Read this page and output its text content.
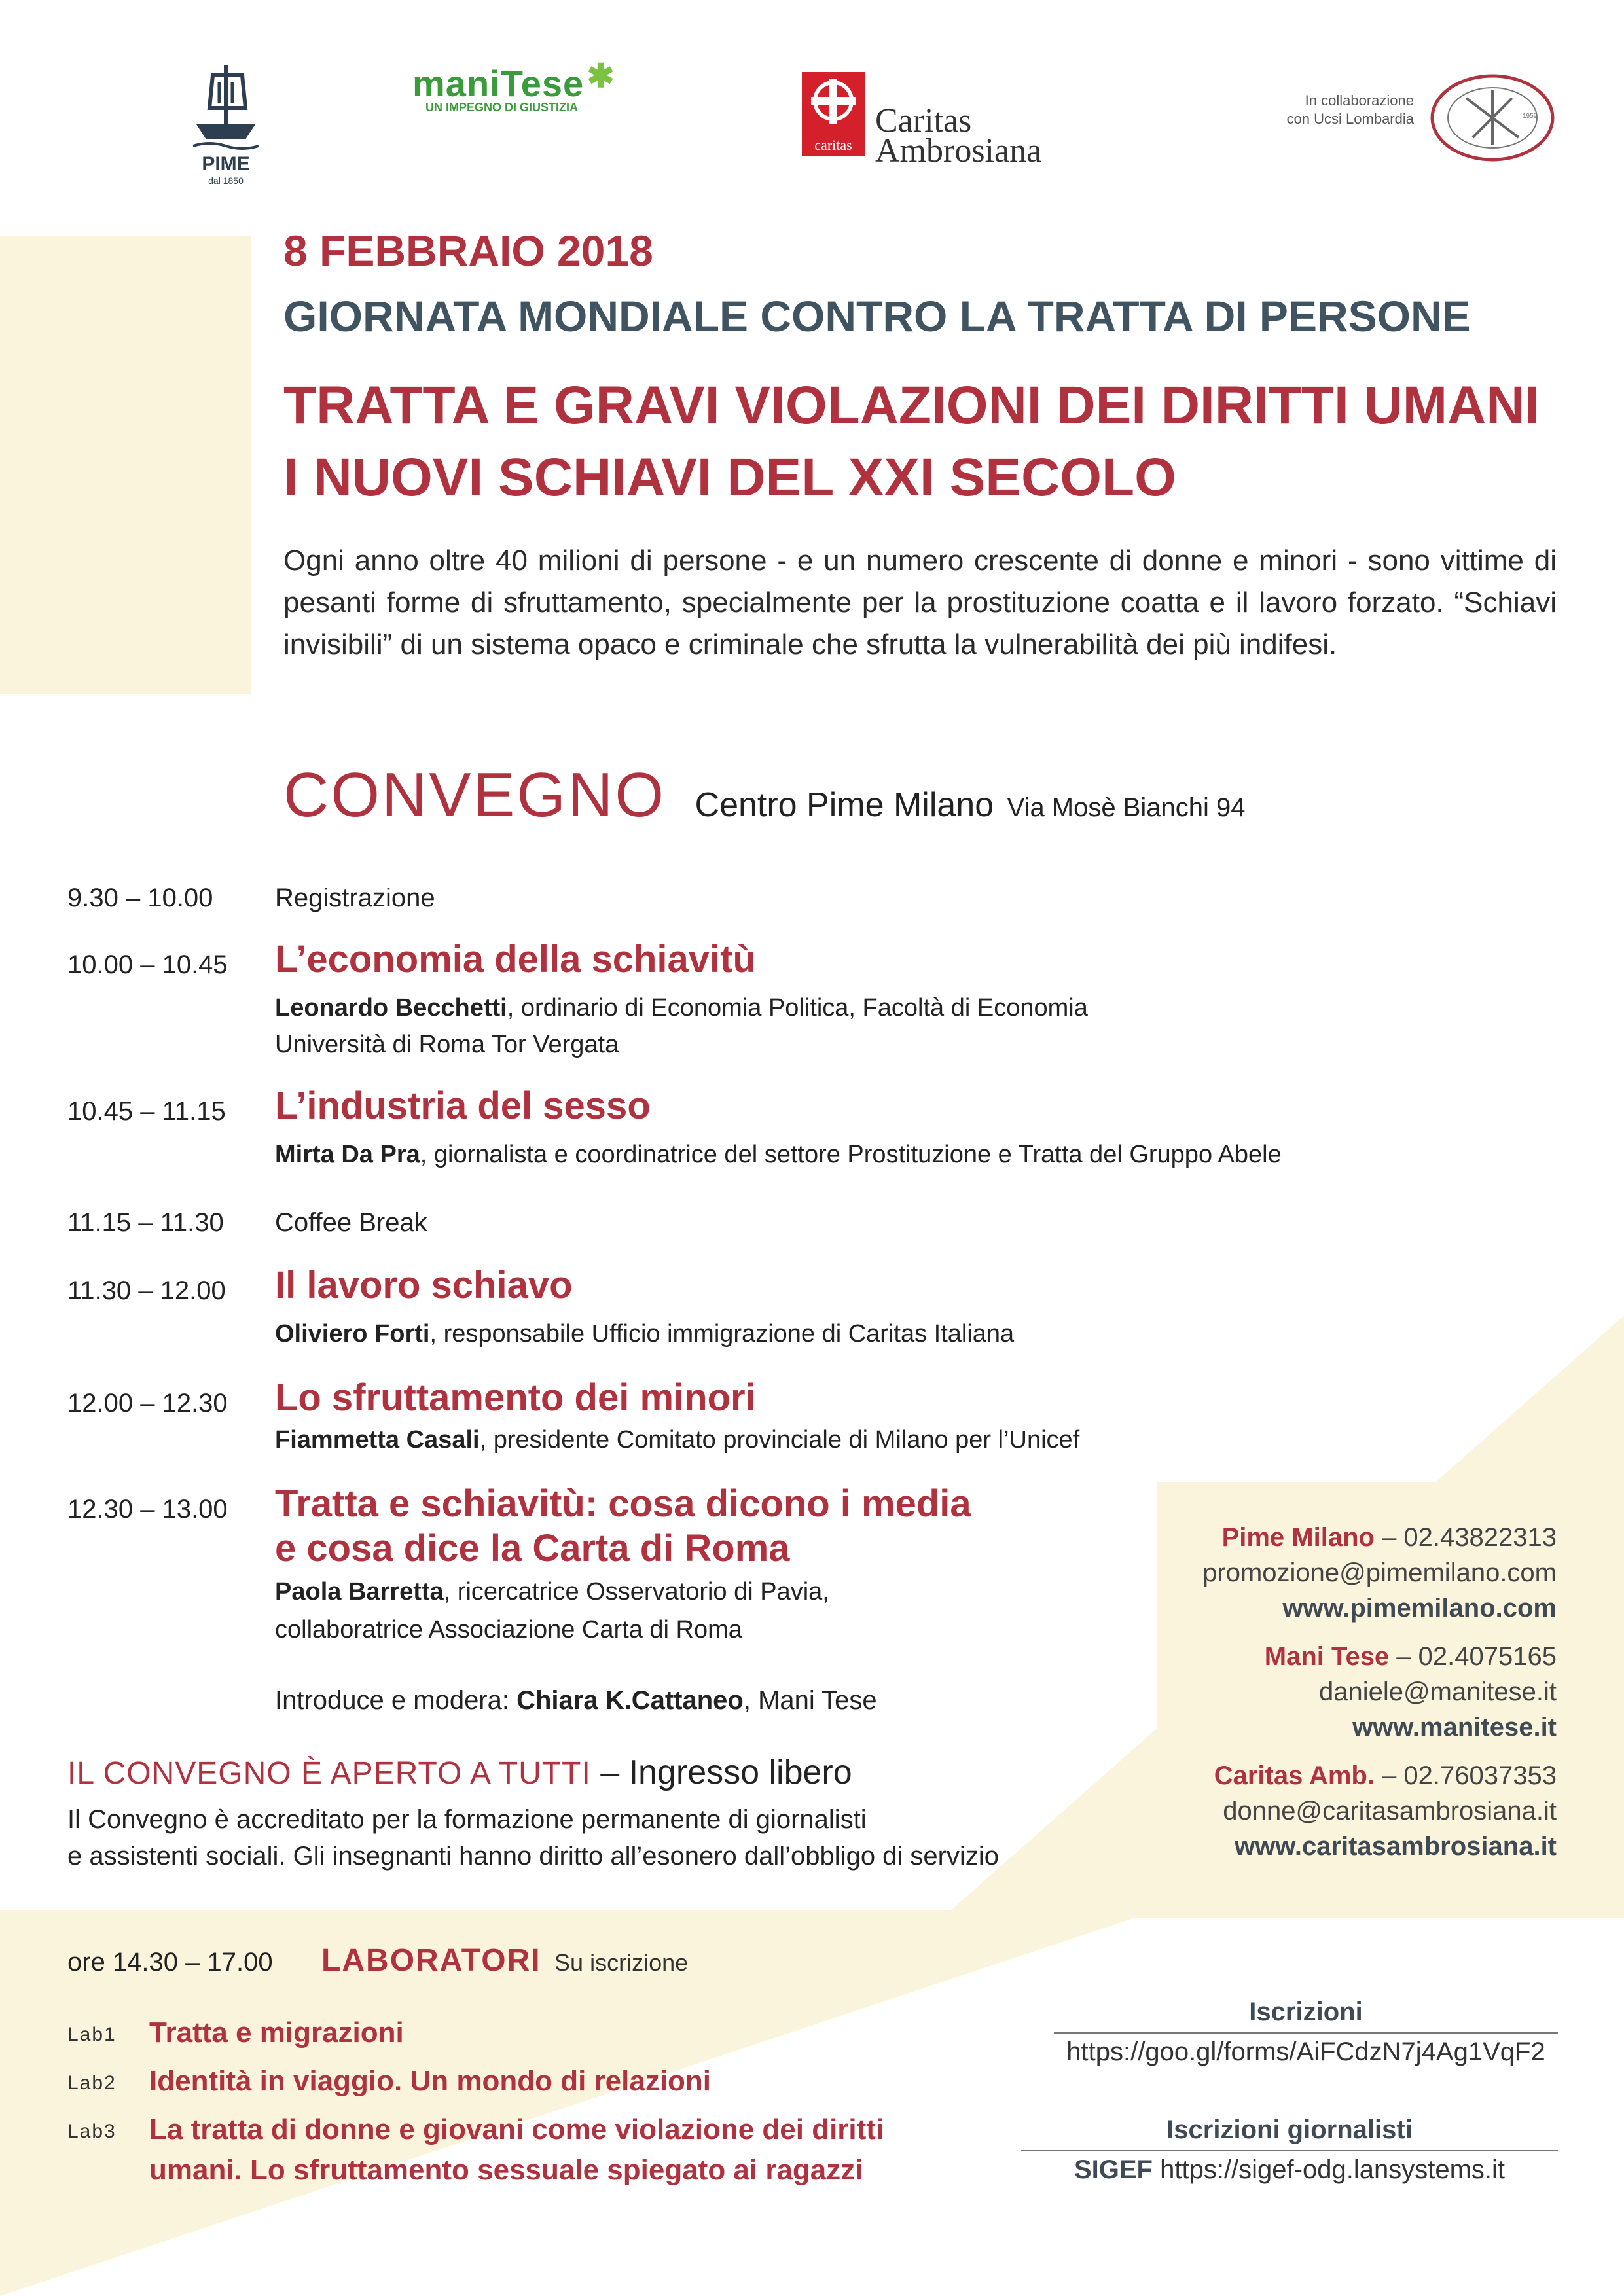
PIME
dal 1850
maniTese ✱
UN IMPEGNO DI GIUSTIZIA
caritas
Caritas
Ambrosiana
In collaborazione
con Ucsi Lombardia	1959
8 FEBBRAIO 2018
GIORNATA MONDIALE CONTRO LA TRATTA DI PERSONE
TRATTA E GRAVI VIOLAZIONI DEI DIRITTI UMANI
I NUOVI SCHIAVI DEL XXI SECOLO
Ogni anno oltre 40 milioni di persone - e un numero crescente di donne e minori - sono vittime di pesanti forme di sfruttamento, specialmente per la prostituzione coatta e il lavoro forzato. “Schiavi invisibili” di un sistema opaco e criminale che sfrutta la vulnerabilità dei più indifesi.
CONVEGNO Centro Pime Milano Via Mosè Bianchi 94
9.30 – 10.00 Registrazione
10.00 – 10.45 L’economia della schiavitù
Leonardo Becchetti, ordinario di Economia Politica, Facoltà di Economia
Università di Roma Tor Vergata
10.45 – 11.15 L’industria del sesso
Mirta Da Pra, giornalista e coordinatrice del settore Prostituzione e Tratta del Gruppo Abele
11.15 – 11.30 Coffee Break
11.30 – 12.00 Il lavoro schiavo
Oliviero Forti, responsabile Ufficio immigrazione di Caritas Italiana
12.00 – 12.30 Lo sfruttamento dei minori
Fiammetta Casali, presidente Comitato provinciale di Milano per l’Unicef
12.30 – 13.00 Tratta e schiavitù: cosa dicono i media
e cosa dice la Carta di Roma
Paola Barretta, ricercatrice Osservatorio di Pavia,
collaboratrice Associazione Carta di Roma
Introduce e modera: Chiara K.Cattaneo, Mani Tese
IL CONVEGNO È APERTO A TUTTI – Ingresso libero
Il Convegno è accreditato per la formazione permanente di giornalisti
e assistenti sociali. Gli insegnanti hanno diritto all’esonero dall’obbligo di servizio
Pime Milano – 02.43822313
promozione@pimemilano.com
www.pimemilano.com
Mani Tese – 02.4075165
daniele@manitese.it
www.manitese.it
Caritas Amb. – 02.76037353
donne@caritasambrosiana.it
www.caritasambrosiana.it
ore 14.30 – 17.00 LABORATORI Su iscrizione
Lab1 Tratta e migrazioni
Lab2 Identità in viaggio. Un mondo di relazioni
Lab3 La tratta di donne e giovani come violazione dei diritti
umani. Lo sfruttamento sessuale spiegato ai ragazzi
Iscrizioni
https://goo.gl/forms/AiFCdzN7j4Ag1VqF2
Iscrizioni giornalisti
SIGEF https://sigef-odg.lansystems.it
